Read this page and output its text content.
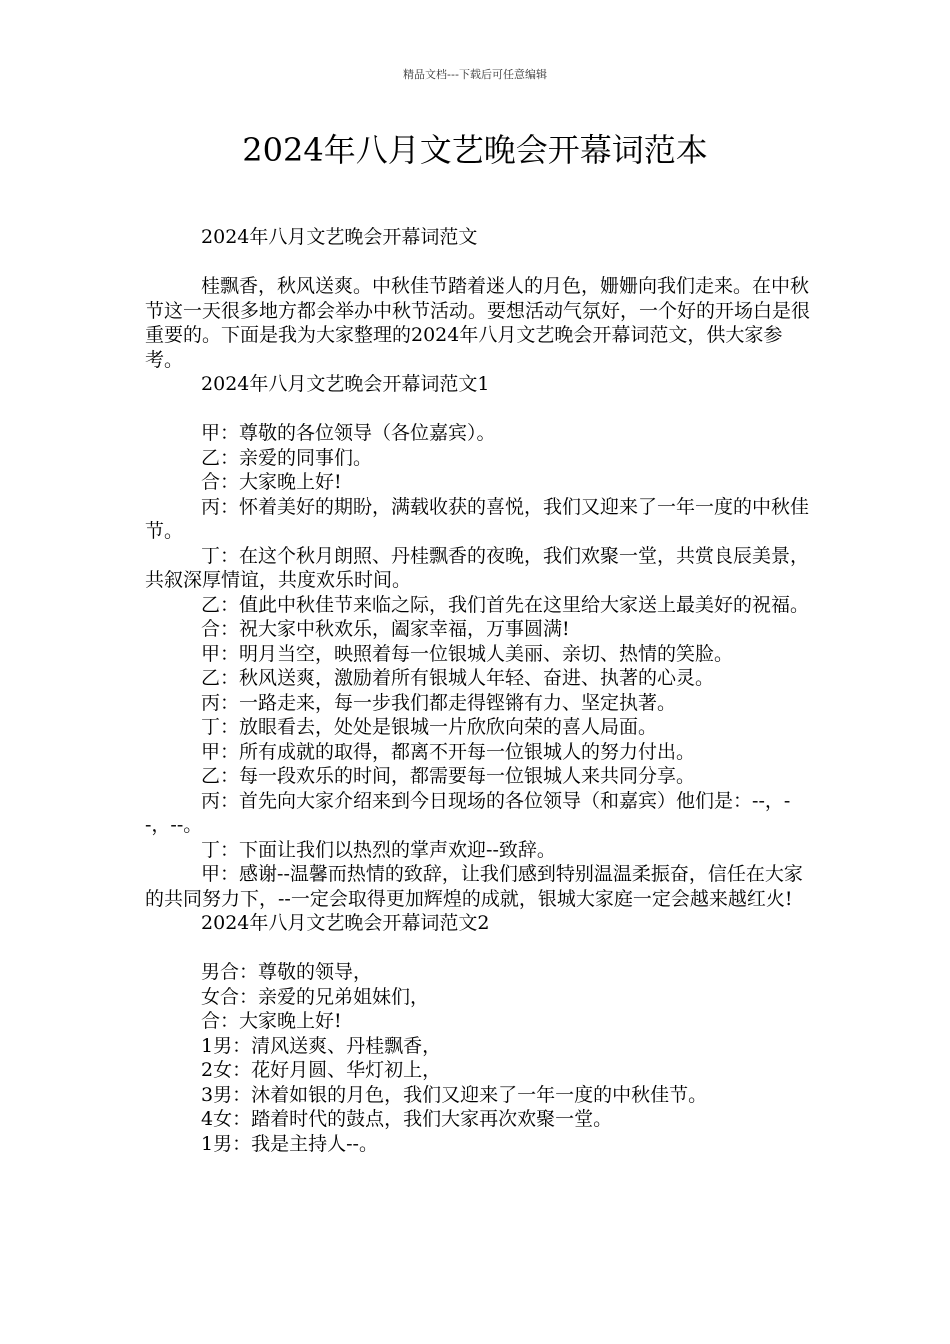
精品文档---下载后可任意编辑
2024年八月文艺晚会开幕词范本

2024年八月文艺晚会开幕词范文

桂飘香，秋风送爽。中秋佳节踏着迷人的月色，姗姗向我们走来。在中秋节这一天很多地方都会举办中秋节活动。要想活动气氛好，一个好的开场白是很重要的。下面是我为大家整理的2024年八月文艺晚会开幕词范文，供大家参考。

2024年八月文艺晚会开幕词范文1

甲：尊敬的各位领导（各位嘉宾）。

乙：亲爱的同事们。

合：大家晚上好!

丙：怀着美好的期盼，满载收获的喜悦，我们又迎来了一年一度的中秋佳节。

丁：在这个秋月朗照、丹桂飘香的夜晚，我们欢聚一堂，共赏良辰美景，共叙深厚情谊，共度欢乐时间。

乙：值此中秋佳节来临之际，我们首先在这里给大家送上最美好的祝福。

合：祝大家中秋欢乐，阖家幸福，万事圆满!

甲：明月当空，映照着每一位银城人美丽、亲切、热情的笑脸。

乙：秋风送爽，激励着所有银城人年轻、奋进、执著的心灵。

丙：一路走来，每一步我们都走得铿锵有力、坚定执著。

丁：放眼看去，处处是银城一片欣欣向荣的喜人局面。

甲：所有成就的取得，都离不开每一位银城人的努力付出。

乙：每一段欢乐的时间，都需要每一位银城人来共同分享。

丙：首先向大家介绍来到今日现场的各位领导（和嘉宾）他们是：--，--，--。

丁：下面让我们以热烈的掌声欢迎--致辞。

甲：感谢--温馨而热情的致辞，让我们感到特别温温柔振奋，信任在大家的共同努力下，--一定会取得更加辉煌的成就，银城大家庭一定会越来越红火!

2024年八月文艺晚会开幕词范文2

男合：尊敬的领导，

女合：亲爱的兄弟姐妹们，

合：大家晚上好!

1男：清风送爽、丹桂飘香，

2女：花好月圆、华灯初上，

3男：沐着如银的月色，我们又迎来了一年一度的中秋佳节。

4女：踏着时代的鼓点，我们大家再次欢聚一堂。

1男：我是主持人--。
